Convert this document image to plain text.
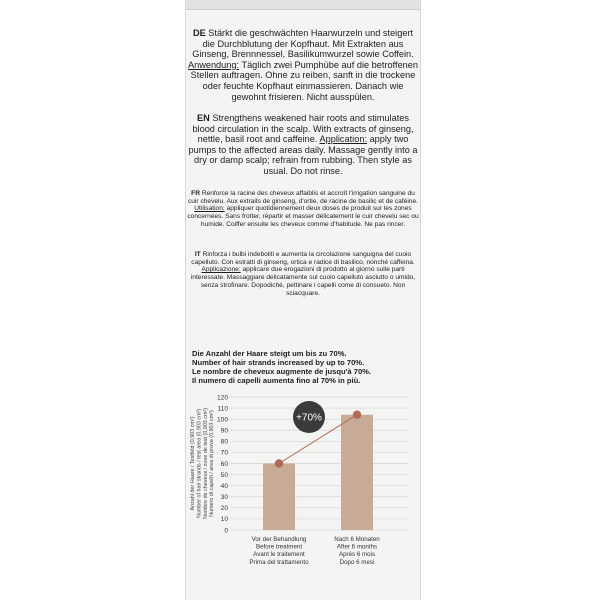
DE Stärkt die geschwächten Haarwurzeln und steigert die Durchblutung der Kopfhaut. Mit Extrakten aus Ginseng, Brennnessel, Basilikumwurzel sowie Coffein. Anwendung: Täglich zwei Pumphübe auf die betroffenen Stellen auftragen. Ohne zu reiben, sanft in die trockene oder feuchte Kopfhaut einmassieren. Danach wie gewohnt frisieren. Nicht ausspülen.

EN Strengthens weakened hair roots and stimulates blood circulation in the scalp. With extracts of ginseng, nettle, basil root and caffeine. Application: apply two pumps to the affected areas daily. Massage gently into a dry or damp scalp; refrain from rubbing. Then style as usual. Do not rinse.

FR Renforce la racine des cheveux affaiblis et accroît l'irrigation sanguine du cuir chevelu. Aux extraits de ginseng, d'ortie, de racine de basilic et de caféine. Utilisation: appliquer quotidiennement deux doses de produit sur les zones concernées. Sans frotter, répartir et masser délicatement le cuir chevelu sec ou humide. Coiffer ensuite les cheveux comme d'habitude. Ne pas rincer.

IT Rinforza i bulbi indeboliti e aumenta la circolazione sanguigna del cuoio capelluto. Con estratti di ginseng, ortica e radice di basilico, nonché caffeina. Applicazione: applicare due erogazioni di prodotto al giorno sulle parti interessate. Massaggiare delicatamente sul cuoio capelluto asciutto o umido, senza strofinare. Dopodiché, pettinare i capelli come di consueto. Non sciacquare.

Die Anzahl der Haare steigt um bis zu 70%.
Number of hair strands increased by up to 70%.
Le nombre de cheveux augmente de jusqu'à 70%.
Il numero di capelli aumenta fino al 70% in più.
Anzahl der Haare / Testfeld (0,903 cm²) Number of hair strands / test area (0.903 cm²) Nombre de cheveux / zone de test (0,903 cm²) Numero di capelli / area di prova (0,903 cm²)
0
10
20
30
40
50
60
70
80
90
100
110
120
+70%
Vor der Behandlung
Before treatment
Avant le traitement
Prima del trattamento
Nach 6 Monaten
After 6 months
Après 6 mois
Dopo 6 mesi
